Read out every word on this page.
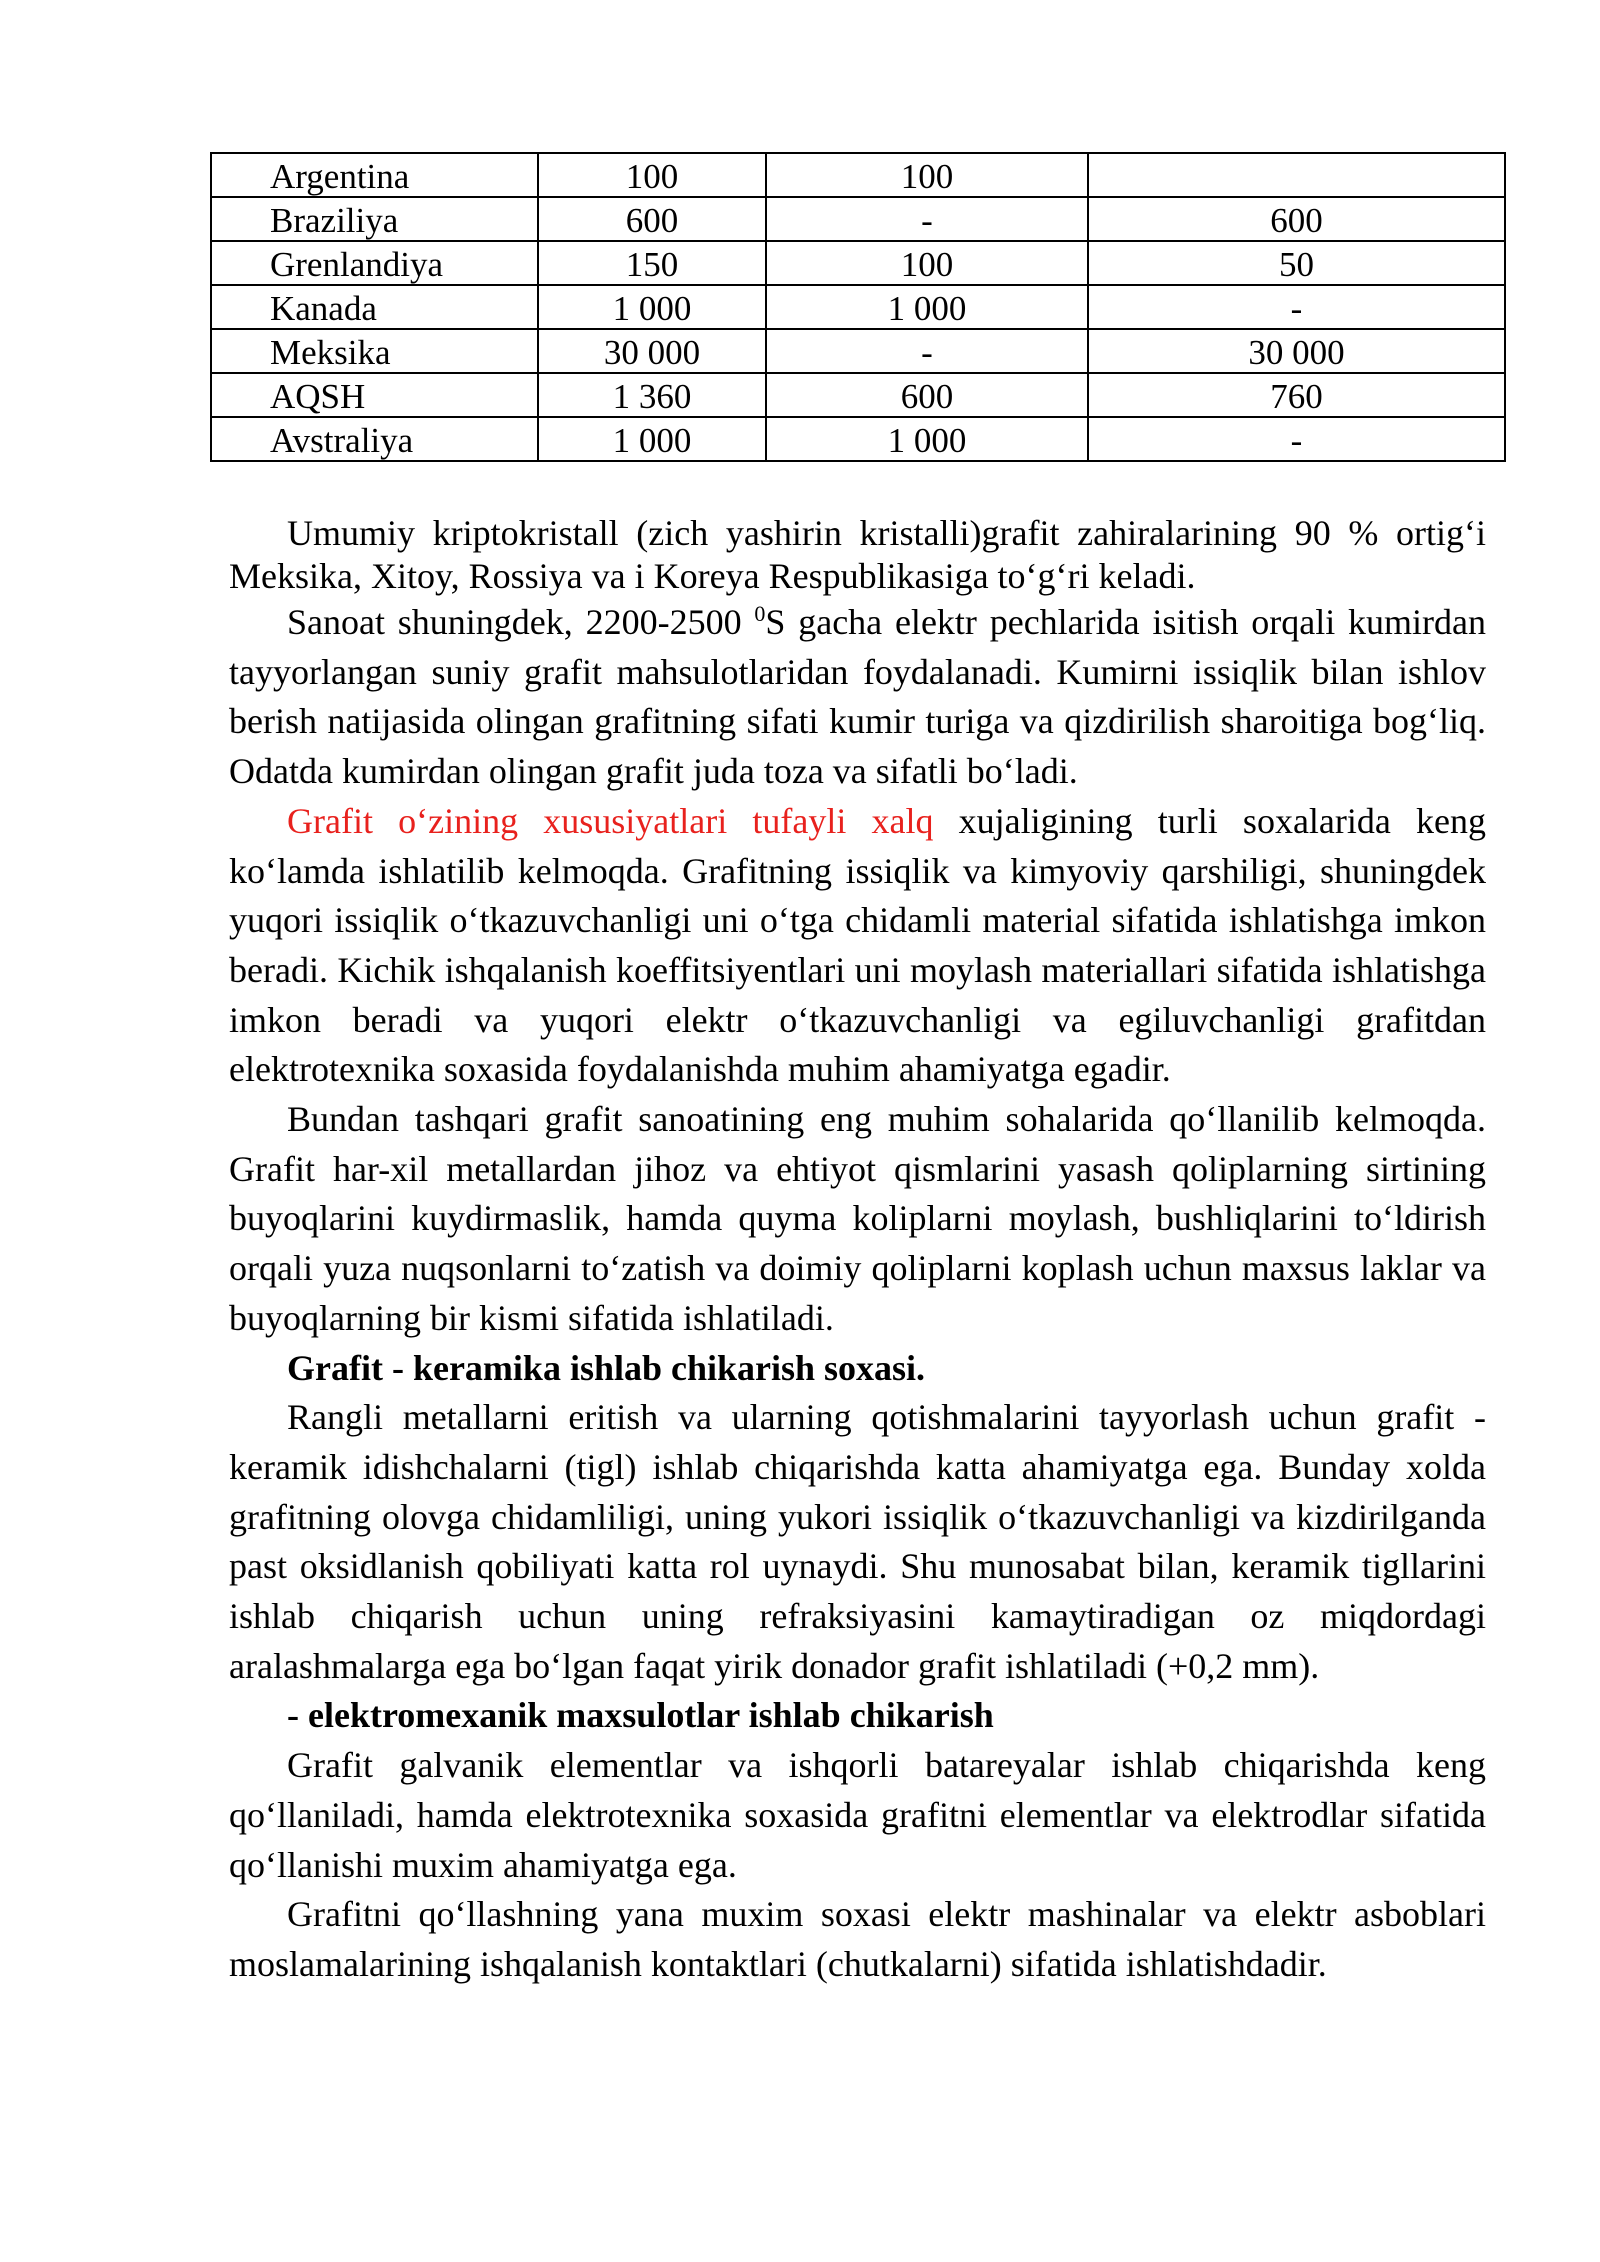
Argentina	100	100	
Braziliya	600	-	600
Grenlandiya	150	100	50
Kanada	1 000	1 000	-
Meksika	30 000	-	30 000
AQSH	1 360	600	760
Avstraliya	1 000	1 000	-

Umumiy kriptokristall (zich yashirin kristalli)grafit zahiralarining 90 % ortig‘i Meksika, Xitoy, Rossiya va i Koreya Respublikasiga to‘g‘ri keladi.

Sanoat shuningdek, 2200-2500 $^0$S gacha elektr pechlarida isitish orqali kumirdan tayyorlangan suniy grafit mahsulotlaridan foydalanadi. Kumirni issiqlik bilan ishlov berish natijasida olingan grafitning sifati kumir turiga va qizdirilish sharoitiga bog‘liq. Odatda kumirdan olingan grafit juda toza va sifatli bo‘ladi.

Grafit o‘zining xususiyatlari tufayli xalq xujaligining turli soxalarida keng ko‘lamda ishlatilib kelmoqda. Grafitning issiqlik va kimyoviy qarshiligi, shuningdek yuqori issiqlik o‘tkazuvchanligi uni o‘tga chidamli material sifatida ishlatishga imkon beradi. Kichik ishqalanish koeffitsiyentlari uni moylash materiallari sifatida ishlatishga imkon beradi va yuqori elektr o‘tkazuvchanligi va egiluvchanligi grafitdan elektrotexnika soxasida foydalanishda muhim ahamiyatga egadir.

Bundan tashqari grafit sanoatining eng muhim sohalarida qo‘llanilib kelmoqda. Grafit har-xil metallardan jihoz va ehtiyot qismlarini yasash qoliplarning sirtining buyoqlarini kuydirmaslik, hamda quyma koliplarni moylash, bushliqlarini to‘ldirish orqali yuza nuqsonlarni to‘zatish va doimiy qoliplarni koplash uchun maxsus laklar va buyoqlarning bir kismi sifatida ishlatiladi.

Grafit - keramika ishlab chikarish soxasi.

Rangli metallarni eritish va ularning qotishmalarini tayyorlash uchun grafit - keramik idishchalarni (tigl) ishlab chiqarishda katta ahamiyatga ega. Bunday xolda grafitning olovga chidamliligi, uning yukori issiqlik o‘tkazuvchanligi va kizdirilganda past oksidlanish qobiliyati katta rol uynaydi. Shu munosabat bilan, keramik tigllarini ishlab chiqarish uchun uning refraksiyasini kamaytiradigan oz miqdordagi aralashmalarga ega bo‘lgan faqat yirik donador grafit ishlatiladi (+0,2 mm).

- elektromexanik maxsulotlar ishlab chikarish

Grafit galvanik elementlar va ishqorli batareyalar ishlab chiqarishda keng qo‘llaniladi, hamda elektrotexnika soxasida grafitni elementlar va elektrodlar sifatida qo‘llanishi muxim ahamiyatga ega.

Grafitni qo‘llashning yana muxim soxasi elektr mashinalar va elektr asboblari moslamalarining ishqalanish kontaktlari (chutkalarni) sifatida ishlatishdadir.
